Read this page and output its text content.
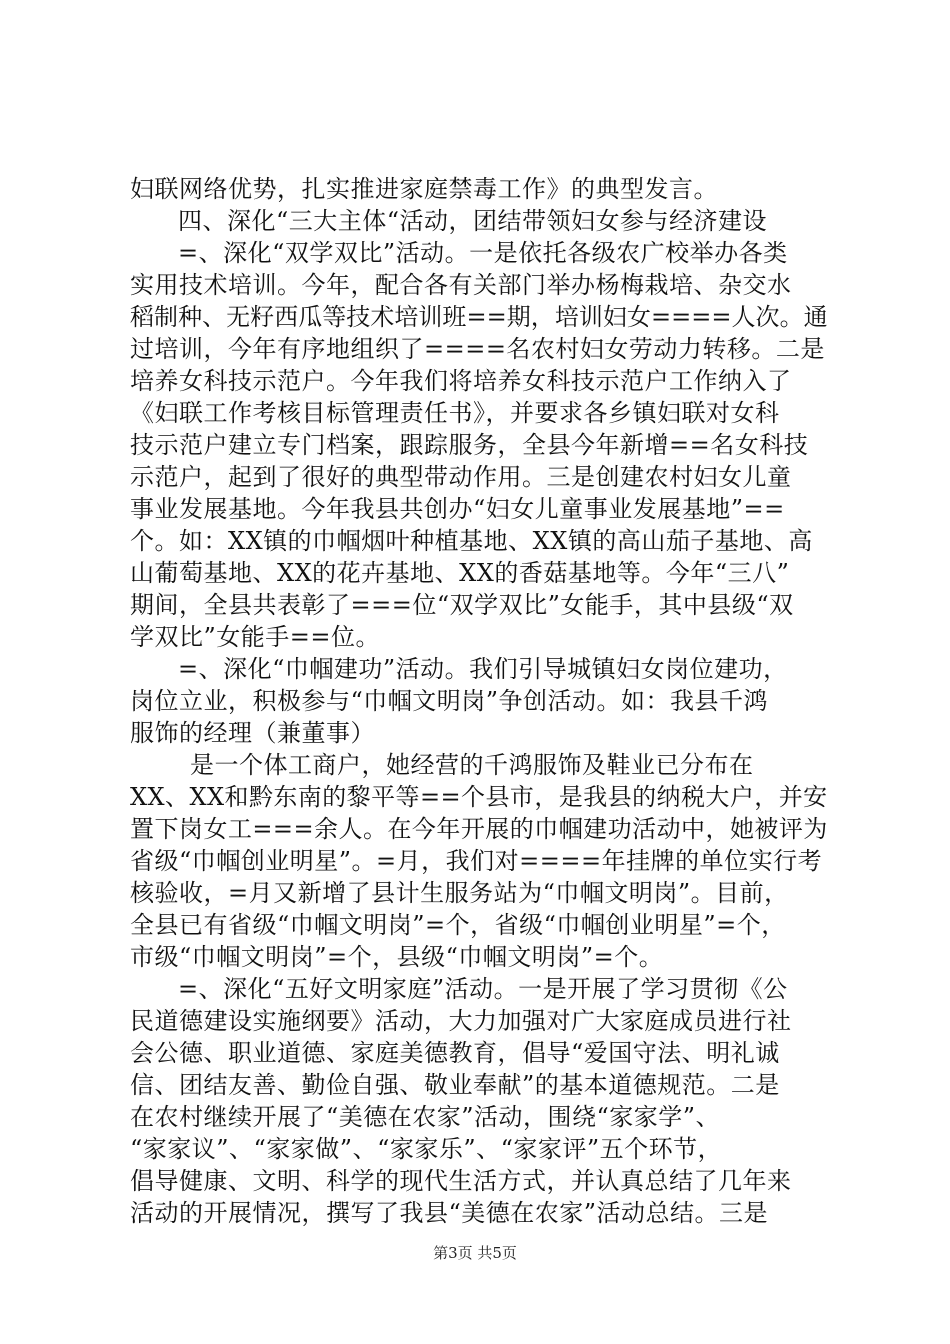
妇联网络优势，扎实推进家庭禁毒工作》的典型发言。
四、深化“三大主体“活动，团结带领妇女参与经济建设
=、深化“双学双比”活动。一是依托各级农广校举办各类
实用技术培训。今年，配合各有关部门举办杨梅栽培、杂交水
稻制种、无籽西瓜等技术培训班==期，培训妇女====人次。通
过培训，今年有序地组织了====名农村妇女劳动力转移。二是
培养女科技示范户。今年我们将培养女科技示范户工作纳入了
《妇联工作考核目标管理责任书》，并要求各乡镇妇联对女科
技示范户建立专门档案，跟踪服务，全县今年新增==名女科技
示范户，起到了很好的典型带动作用。三是创建农村妇女儿童
事业发展基地。今年我县共创办“妇女儿童事业发展基地”==
个。如：XX镇的巾帼烟叶种植基地、XX镇的高山茄子基地、高
山葡萄基地、XX的花卉基地、XX的香菇基地等。今年“三八”
期间，全县共表彰了===位“双学双比”女能手，其中县级“双
学双比”女能手==位。
=、深化“巾帼建功”活动。我们引导城镇妇女岗位建功，
岗位立业，积极参与“巾帼文明岗”争创活动。如：我县千鸿
服饰的经理（兼董事）
是一个体工商户，她经营的千鸿服饰及鞋业已分布在
XX、XX和黔东南的黎平等==个县市，是我县的纳税大户，并安
置下岗女工===余人。在今年开展的巾帼建功活动中，她被评为
省级“巾帼创业明星”。=月，我们对====年挂牌的单位实行考
核验收，=月又新增了县计生服务站为“巾帼文明岗”。目前，
全县已有省级“巾帼文明岗”=个，省级“巾帼创业明星”=个，
市级“巾帼文明岗”=个，县级“巾帼文明岗”=个。
=、深化“五好文明家庭”活动。一是开展了学习贯彻《公
民道德建设实施纲要》活动，大力加强对广大家庭成员进行社
会公德、职业道德、家庭美德教育，倡导“爱国守法、明礼诚
信、团结友善、勤俭自强、敬业奉献”的基本道德规范。二是
在农村继续开展了“美德在农家”活动，围绕“家家学”、
“家家议”、“家家做”、“家家乐”、“家家评”五个环节，
倡导健康、文明、科学的现代生活方式，并认真总结了几年来
活动的开展情况，撰写了我县“美德在农家”活动总结。三是
第3页 共5页
